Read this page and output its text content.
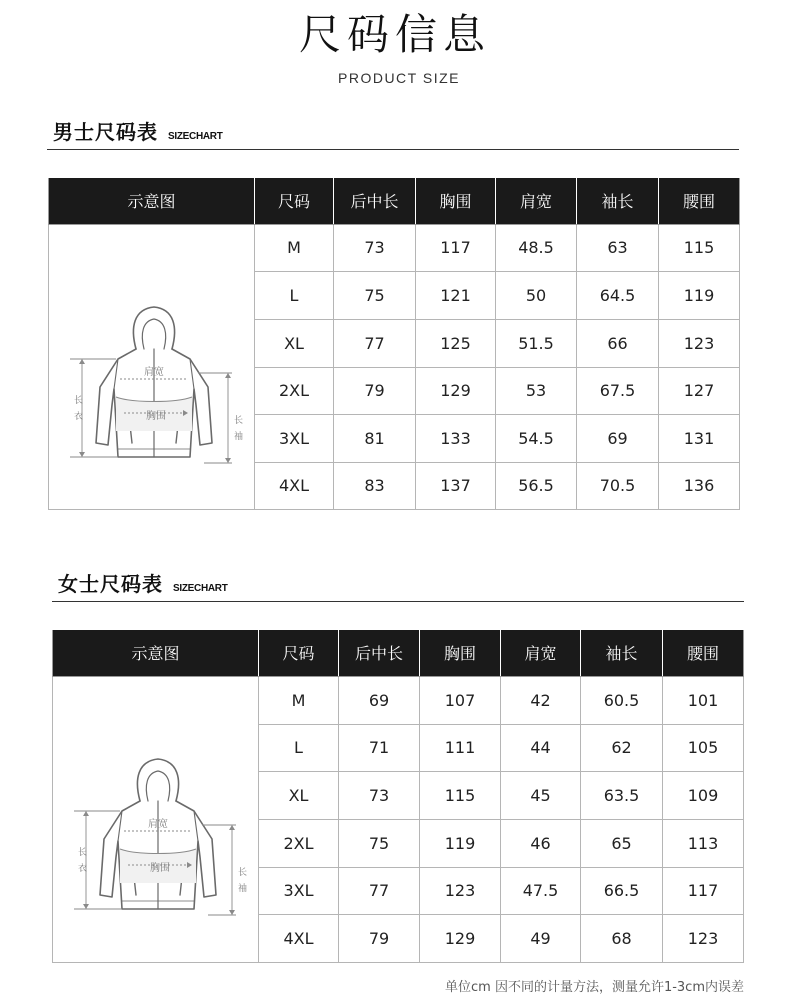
尺码信息
PRODUCT SIZE
男士尺码表 SIZECHART
示意图	尺码	后中长	胸围	肩宽	袖长	腰围

肩宽
胸围
长衣 长袖	M	73	117	48.5	63	115
	L	75	121	50	64.5	119
	XL	77	125	51.5	66	123
	2XL	79	129	53	67.5	127
	3XL	81	133	54.5	69	131
	4XL	83	137	56.5	70.5	136
女士尺码表 SIZECHART
示意图	尺码	后中长	胸围	肩宽	袖长	腰围

肩宽
胸围
长衣 长袖	M	69	107	42	60.5	101
	L	71	111	44	62	105
	XL	73	115	45	63.5	109
	2XL	75	119	46	65	113
	3XL	77	123	47.5	66.5	117
	4XL	79	129	49	68	123
单位cm 因不同的计量方法，测量允许1-3cm内误差
